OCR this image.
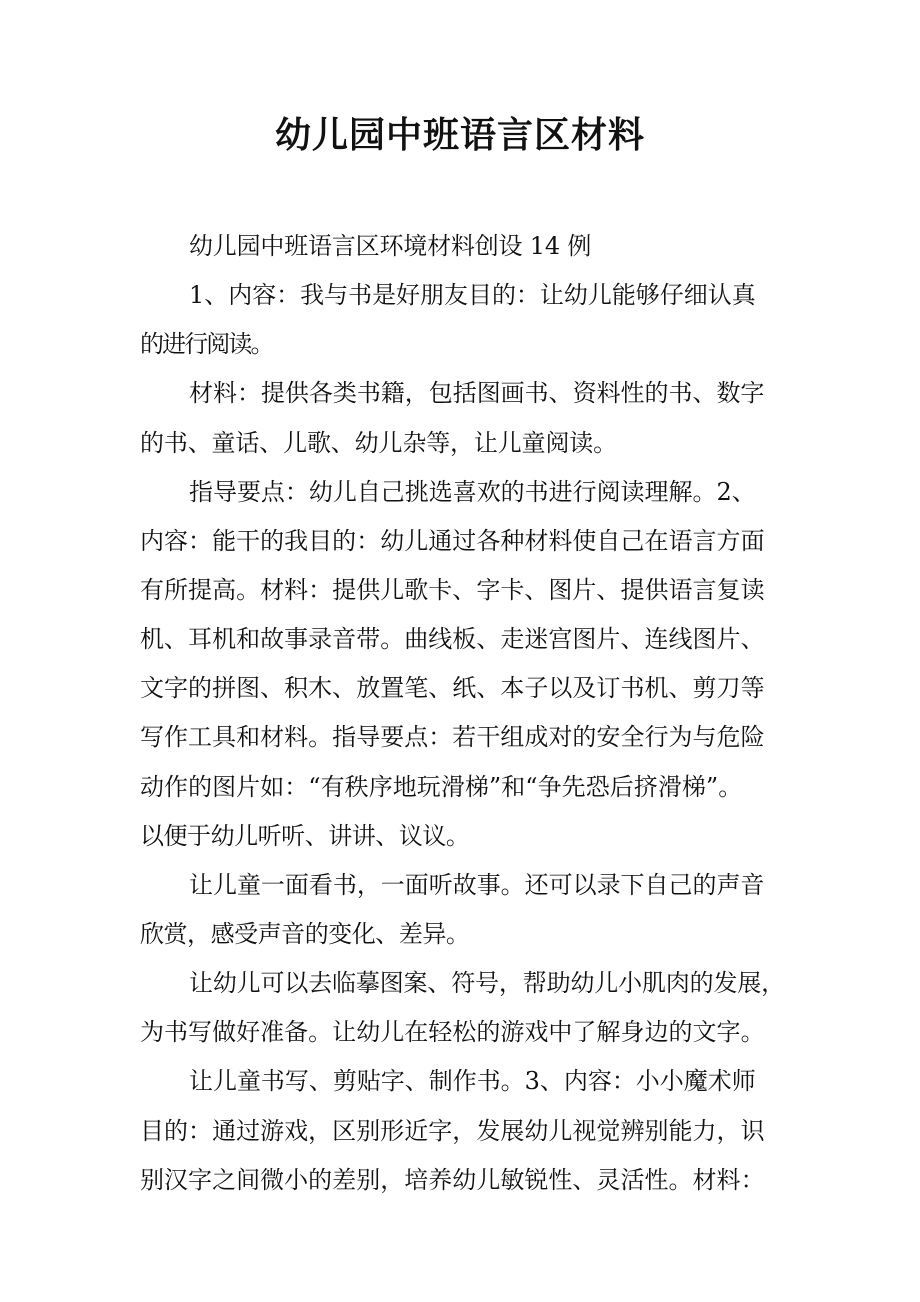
幼儿园中班语言区材料
幼儿园中班语言区环境材料创设 14 例
1、内容：我与书是好朋友目的：让幼儿能够仔细认真
的进行阅读。
材料：提供各类书籍，包括图画书、资料性的书、数字
的书、童话、儿歌、幼儿杂等，让儿童阅读。
指导要点：幼儿自己挑选喜欢的书进行阅读理解。2、
内容：能干的我目的：幼儿通过各种材料使自己在语言方面
有所提高。材料：提供儿歌卡、字卡、图片、提供语言复读
机、耳机和故事录音带。曲线板、走迷宫图片、连线图片、
文字的拼图、积木、放置笔、纸、本子以及订书机、剪刀等
写作工具和材料。指导要点：若干组成对的安全行为与危险
动作的图片如：“有秩序地玩滑梯”和“争先恐后挤滑梯”。
以便于幼儿听听、讲讲、议议。
让儿童一面看书，一面听故事。还可以录下自己的声音
欣赏，感受声音的变化、差异。
让幼儿可以去临摹图案、符号，帮助幼儿小肌肉的发展，
为书写做好准备。让幼儿在轻松的游戏中了解身边的文字。
让儿童书写、剪贴字、制作书。3、内容：小小魔术师
目的：通过游戏，区别形近字，发展幼儿视觉辨别能力，识
别汉字之间微小的差别，培养幼儿敏锐性、灵活性。材料：
